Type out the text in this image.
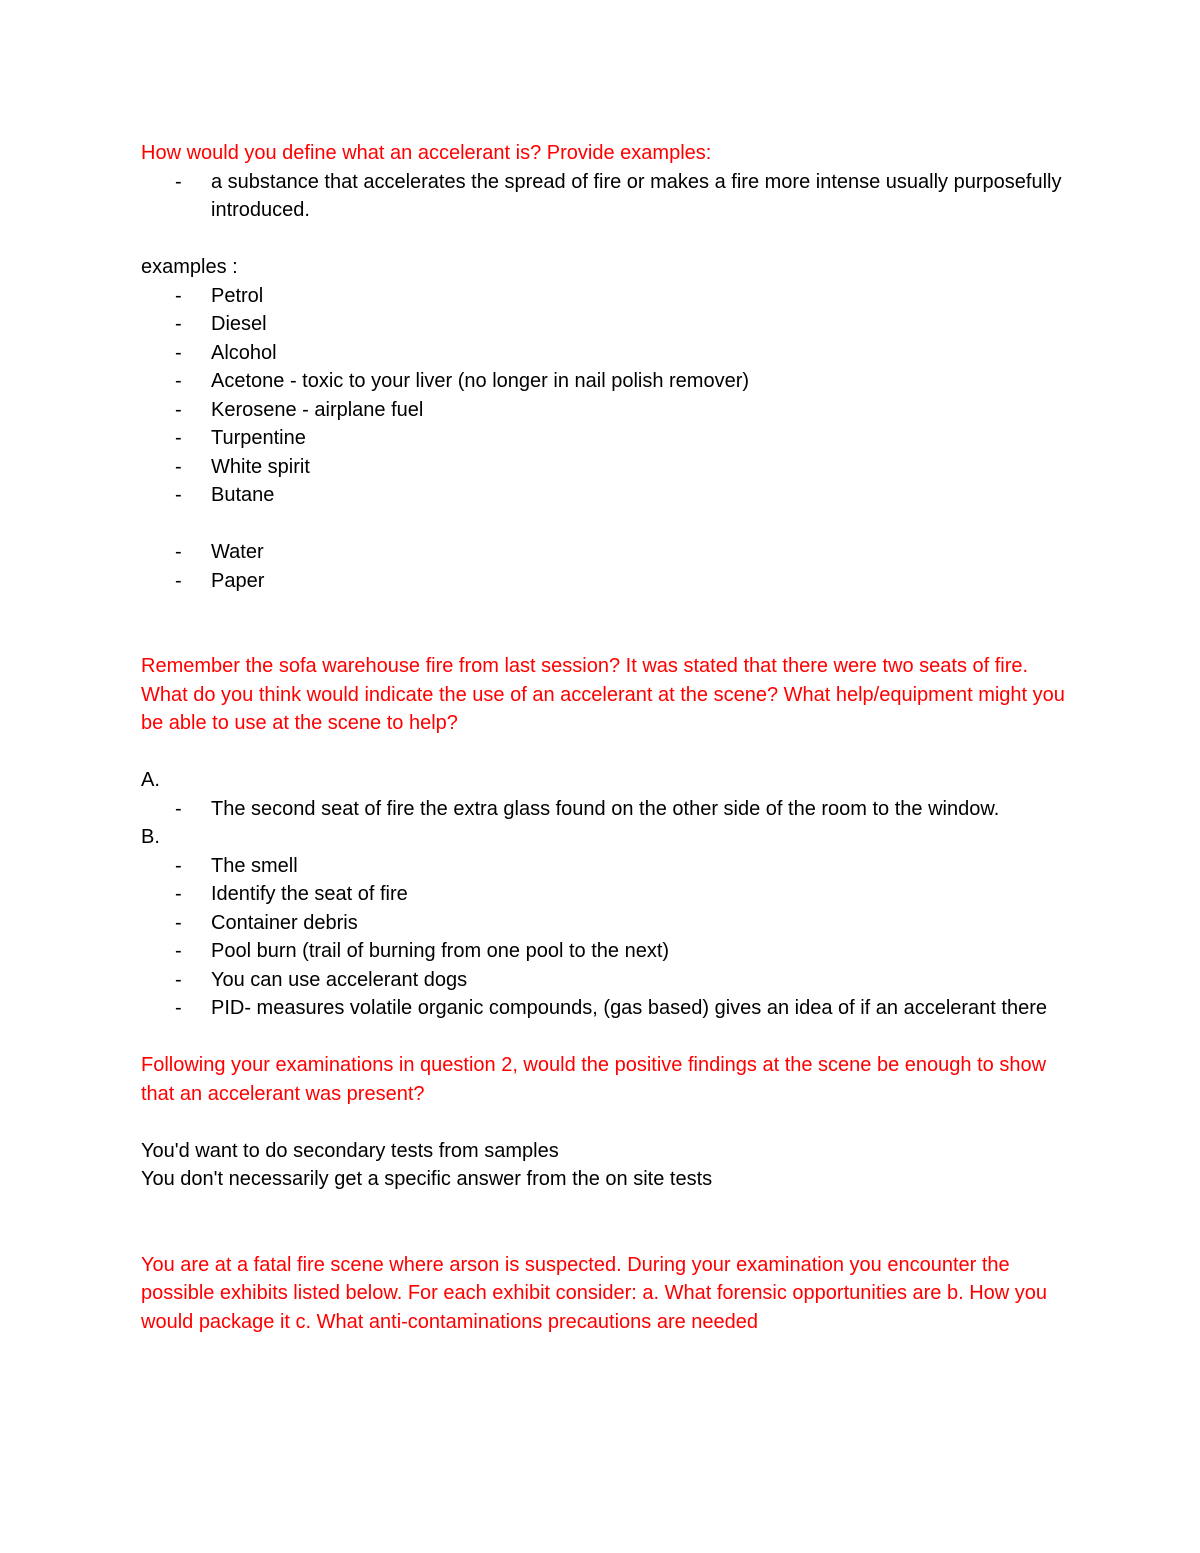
How would you define what an accelerant is? Provide examples:

- a substance that accelerates the spread of fire or makes a fire more intense usually purposefully introduced.

examples :

- Petrol
- Diesel
- Alcohol
- Acetone - toxic to your liver (no longer in nail polish remover)
- Kerosene - airplane fuel
- Turpentine
- White spirit
- Butane
- Water
- Paper

Remember the sofa warehouse fire from last session? It was stated that there were two seats of fire. What do you think would indicate the use of an accelerant at the scene? What help/equipment might you be able to use at the scene to help?

A.

- The second seat of fire the extra glass found on the other side of the room to the window.

B.

- The smell
- Identify the seat of fire
- Container debris
- Pool burn (trail of burning from one pool to the next)
- You can use accelerant dogs
- PID- measures volatile organic compounds, (gas based) gives an idea of if an accelerant there

Following your examinations in question 2, would the positive findings at the scene be enough to show that an accelerant was present?

You'd want to do secondary tests from samples

You don't necessarily get a specific answer from the on site tests

You are at a fatal fire scene where arson is suspected. During your examination you encounter the possible exhibits listed below. For each exhibit consider: a. What forensic opportunities are b. How you would package it c. What anti-contaminations precautions are needed
